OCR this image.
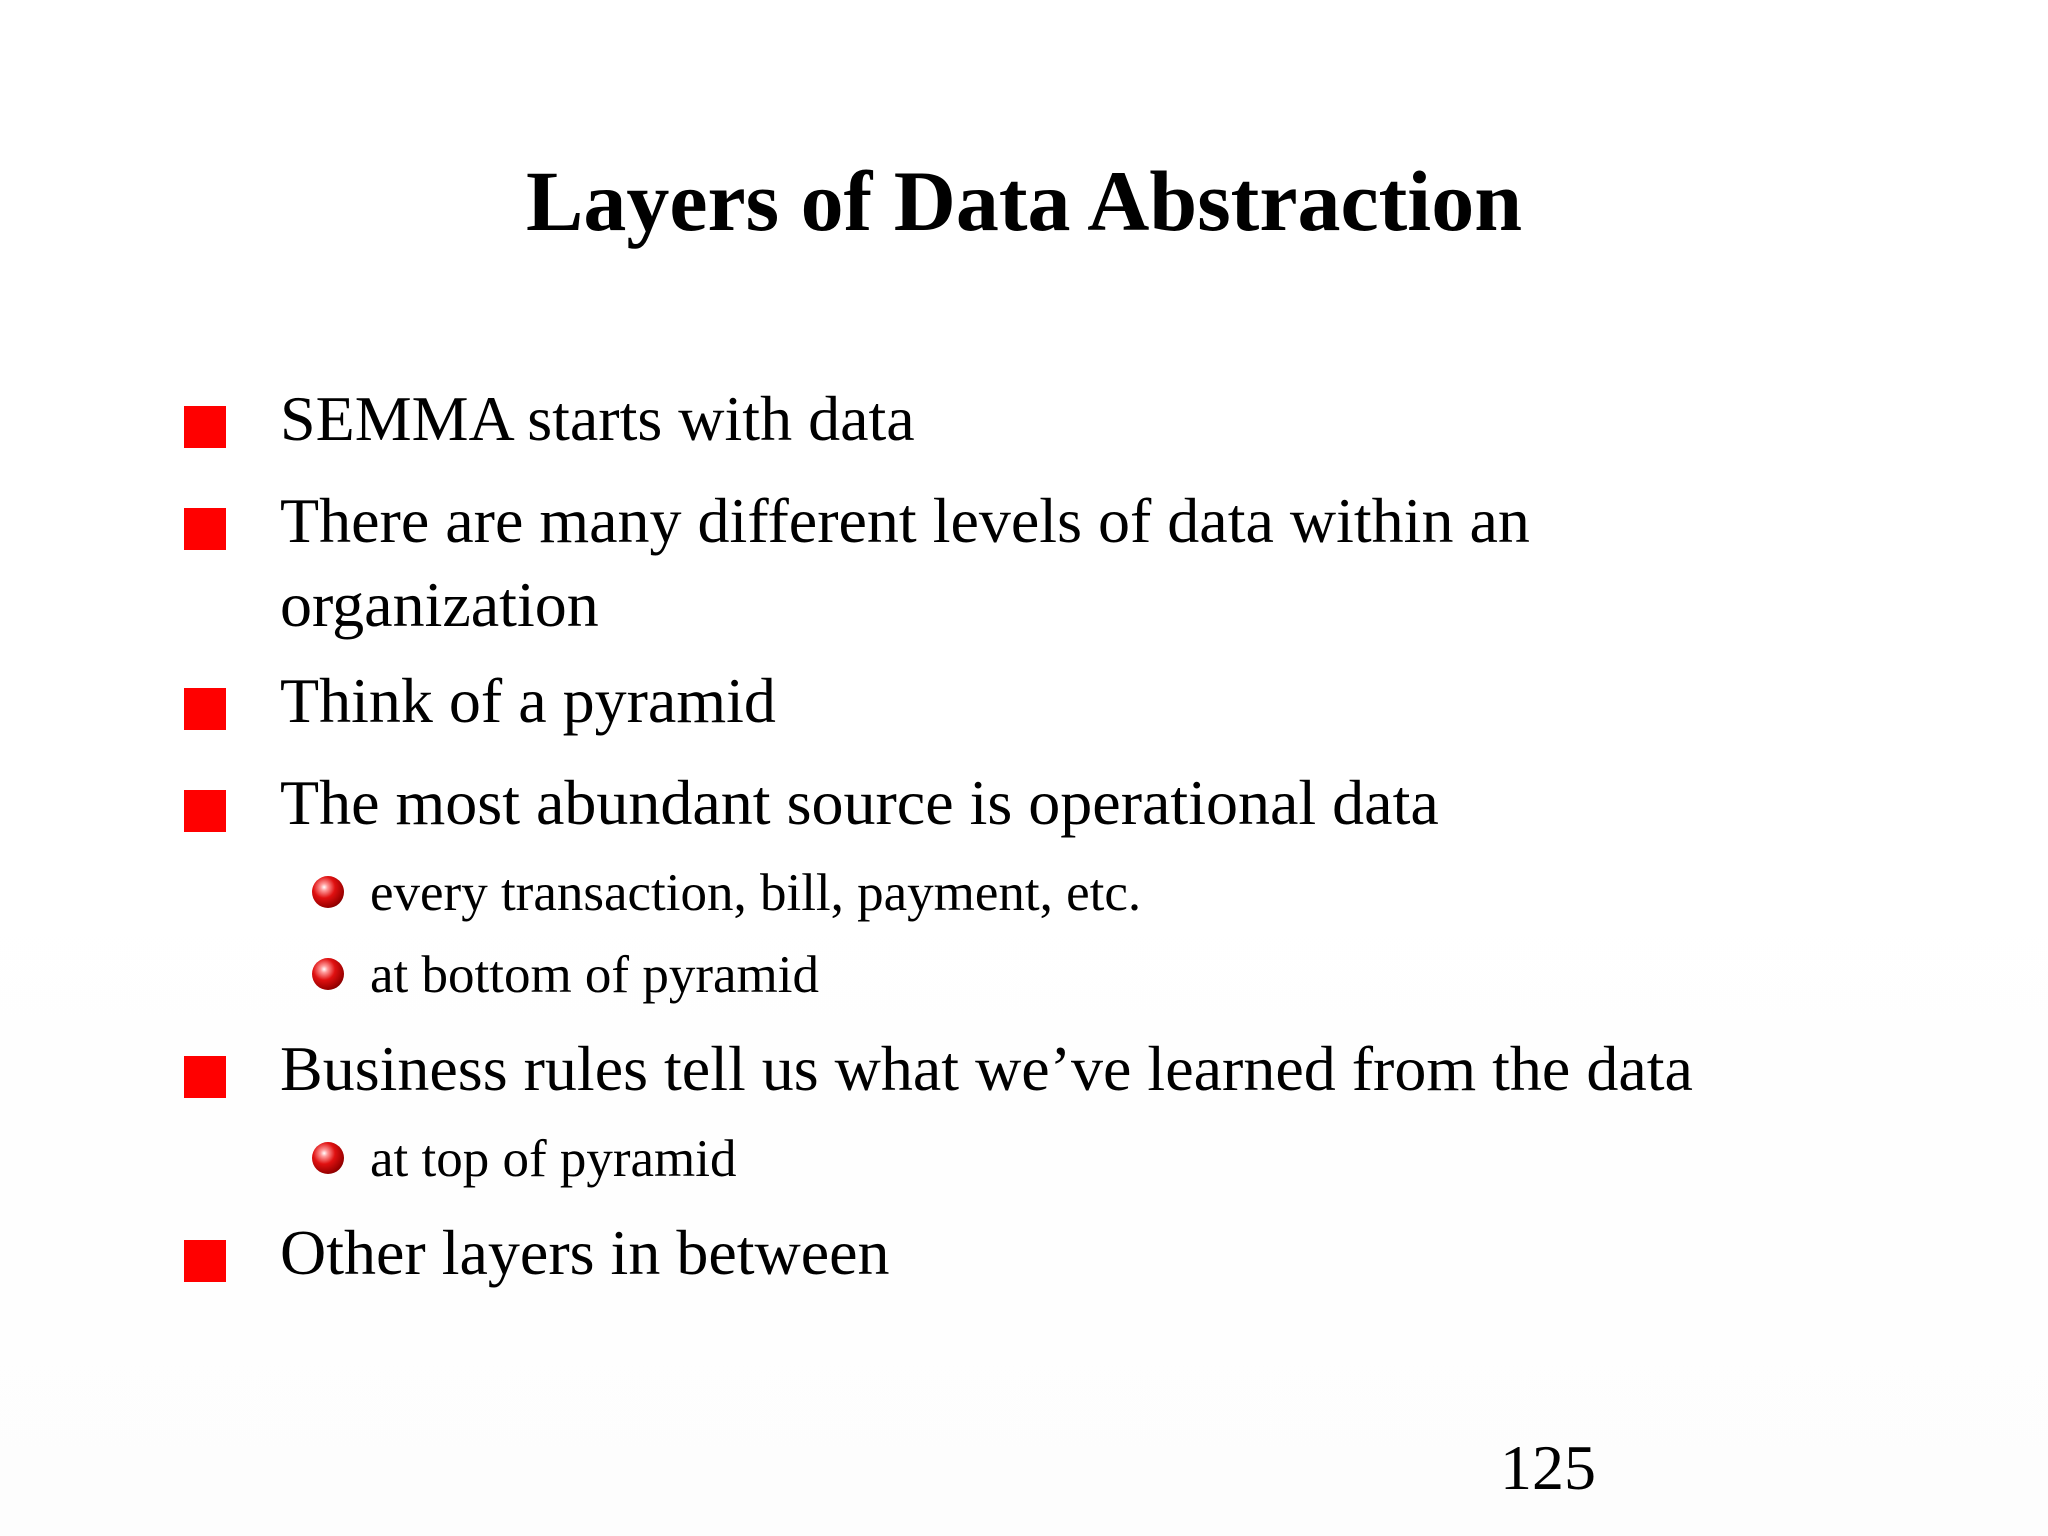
Layers of Data Abstraction
SEMMA starts with data
There are many different levels of data within an
organization
Think of a pyramid
The most abundant source is operational data
every transaction, bill, payment, etc.
at bottom of pyramid
Business rules tell us what we’ve learned from the data
at top of pyramid
Other layers in between
125
